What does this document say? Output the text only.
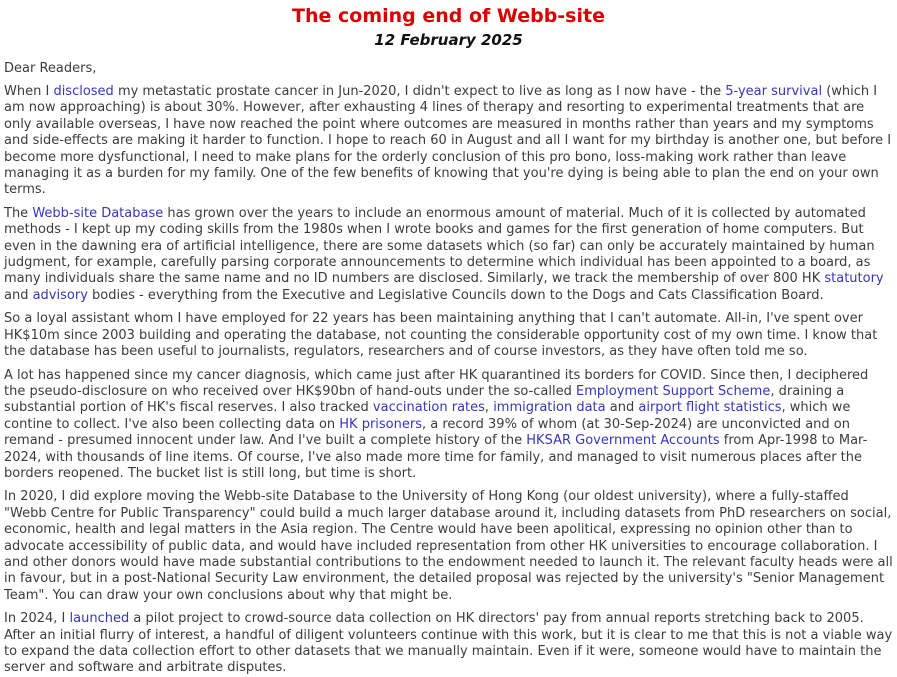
The coming end of Webb-site
12 February 2025

Dear Readers,

When I disclosed my metastatic prostate cancer in Jun-2020, I didn't expect to live as long as I now have - the 5-year survival (which I am now approaching) is about 30%. However, after exhausting 4 lines of therapy and resorting to experimental treatments that are only available overseas, I have now reached the point where outcomes are measured in months rather than years and my symptoms and side-effects are making it harder to function. I hope to reach 60 in August and all I want for my birthday is another one, but before I become more dysfunctional, I need to make plans for the orderly conclusion of this pro bono, loss-making work rather than leave managing it as a burden for my family. One of the few benefits of knowing that you're dying is being able to plan the end on your own terms.

The Webb-site Database has grown over the years to include an enormous amount of material. Much of it is collected by automated methods - I kept up my coding skills from the 1980s when I wrote books and games for the first generation of home computers. But even in the dawning era of artificial intelligence, there are some datasets which (so far) can only be accurately maintained by human judgment, for example, carefully parsing corporate announcements to determine which individual has been appointed to a board, as many individuals share the same name and no ID numbers are disclosed. Similarly, we track the membership of over 800 HK statutory and advisory bodies - everything from the Executive and Legislative Councils down to the Dogs and Cats Classification Board.

So a loyal assistant whom I have employed for 22 years has been maintaining anything that I can't automate. All-in, I've spent over HK$10m since 2003 building and operating the database, not counting the considerable opportunity cost of my own time. I know that the database has been useful to journalists, regulators, researchers and of course investors, as they have often told me so.

A lot has happened since my cancer diagnosis, which came just after HK quarantined its borders for COVID. Since then, I deciphered the pseudo-disclosure on who received over HK$90bn of hand-outs under the so-called Employment Support Scheme, draining a substantial portion of HK's fiscal reserves. I also tracked vaccination rates, immigration data and airport flight statistics, which we contine to collect. I've also been collecting data on HK prisoners, a record 39% of whom (at 30-Sep-2024) are unconvicted and on remand - presumed innocent under law. And I've built a complete history of the HKSAR Government Accounts from Apr-1998 to Mar-2024, with thousands of line items. Of course, I've also made more time for family, and managed to visit numerous places after the borders reopened. The bucket list is still long, but time is short.

In 2020, I did explore moving the Webb-site Database to the University of Hong Kong (our oldest university), where a fully-staffed "Webb Centre for Public Transparency" could build a much larger database around it, including datasets from PhD researchers on social, economic, health and legal matters in the Asia region. The Centre would have been apolitical, expressing no opinion other than to advocate accessibility of public data, and would have included representation from other HK universities to encourage collaboration. I and other donors would have made substantial contributions to the endowment needed to launch it. The relevant faculty heads were all in favour, but in a post-National Security Law environment, the detailed proposal was rejected by the university's "Senior Management Team". You can draw your own conclusions about why that might be.

In 2024, I launched a pilot project to crowd-source data collection on HK directors' pay from annual reports stretching back to 2005. After an initial flurry of interest, a handful of diligent volunteers continue with this work, but it is clear to me that this is not a viable way to expand the data collection effort to other datasets that we manually maintain. Even if it were, someone would have to maintain the server and software and arbitrate disputes.
